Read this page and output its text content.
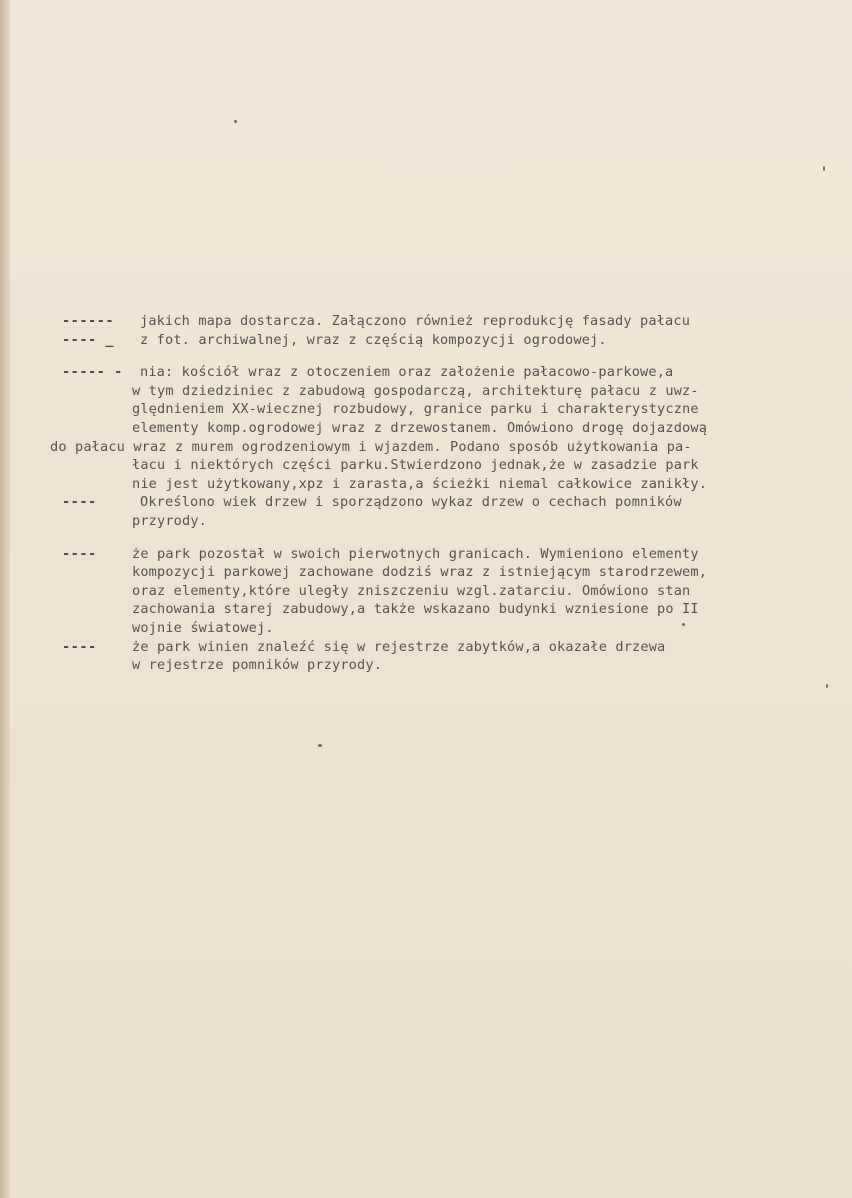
------

	jakich mapa dostarcza. Załączono również reprodukcję fasady pałacu

---- _

	z fot. archiwalnej, wraz z częścią kompozycji ogrodowej.

----- -

	nia: kościół wraz z otoczeniem oraz założenie pałacowo-parkowe,a

w tym dziedziniec z zabudową gospodarczą, architekturę pałacu z uwz-

ględnieniem XX-wiecznej rozbudowy, granice parku i charakterystyczne

elementy komp.ogrodowej wraz z drzewostanem. Omówiono drogę dojazdową

do pałacu wraz z murem ogrodzeniowym i wjazdem. Podano sposób użytkowania pa-

łacu i niektórych części parku.Stwierdzono jednak,że w zasadzie park

nie jest użytkowany,xpz i zarasta,a ścieżki niemal całkowice zanikły.

----

	Określono wiek drzew i sporządzono wykaz drzew o cechach pomników

przyrody.

----

	że park pozostał w swoich pierwotnych granicach. Wymieniono elementy

kompozycji parkowej zachowane dodziś wraz z istniejącym starodrzewem,

oraz elementy,które uległy zniszczeniu wzgl.zatarciu. Omówiono stan

zachowania starej zabudowy,a także wskazano budynki wzniesione po II

wojnie światowej.

----

	że park winien znaleźć się w rejestrze zabytków,a okazałe drzewa

w rejestrze pomników przyrody.
